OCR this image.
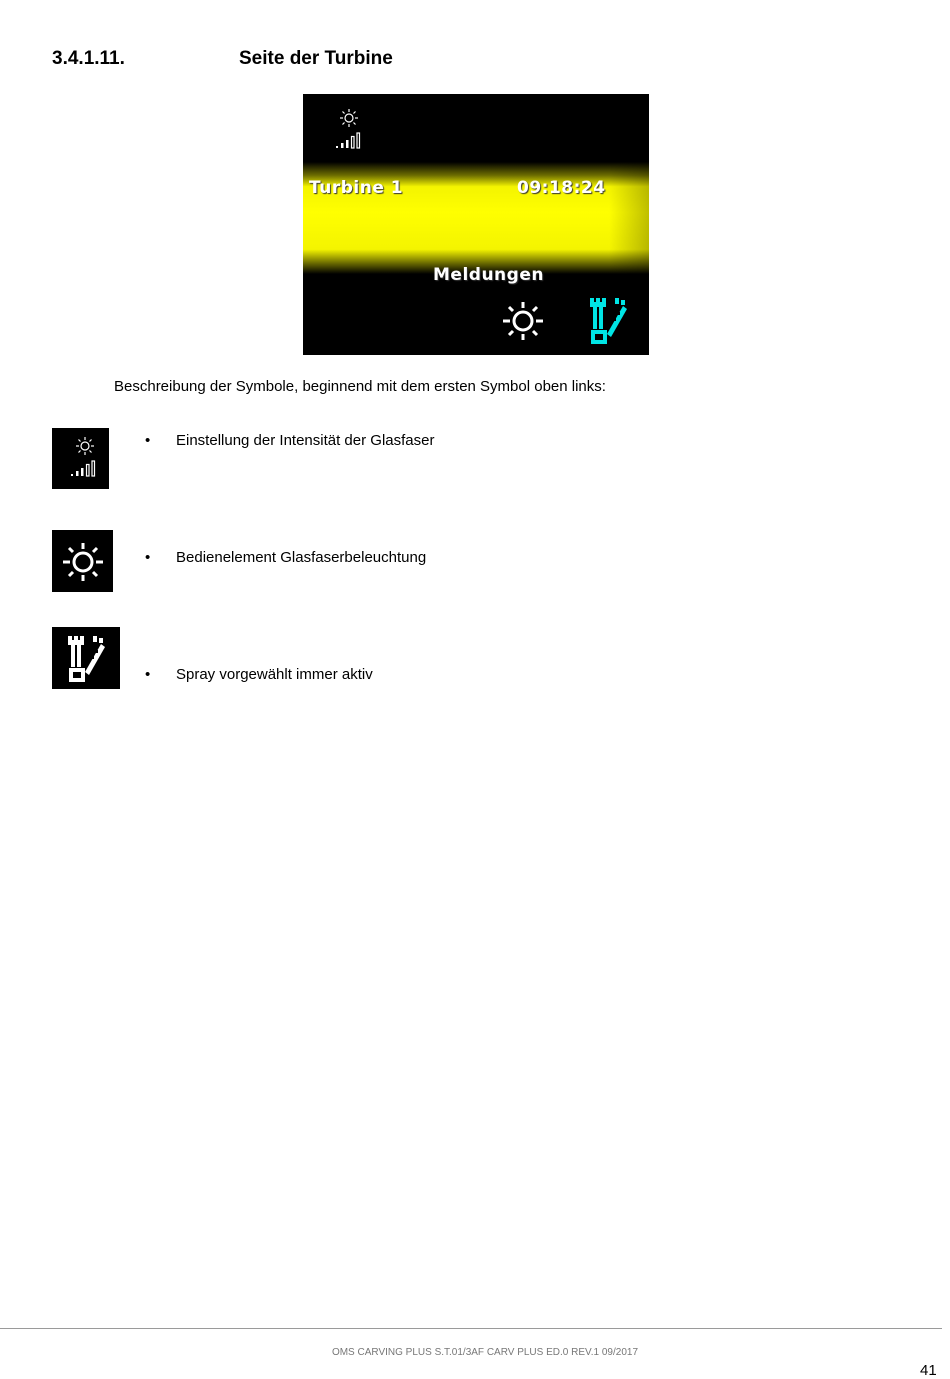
3.4.1.11.	Seite der Turbine
Turbine 1	09:18:24
Meldungen
Beschreibung der Symbole, beginnend mit dem ersten Symbol oben links:
• Einstellung der Intensität der Glasfaser
• Bedienelement Glasfaserbeleuchtung
• Spray vorgewählt immer aktiv
OMS CARVING PLUS S.T.01/3AF CARV PLUS ED.0 REV.1 09/2017
41
